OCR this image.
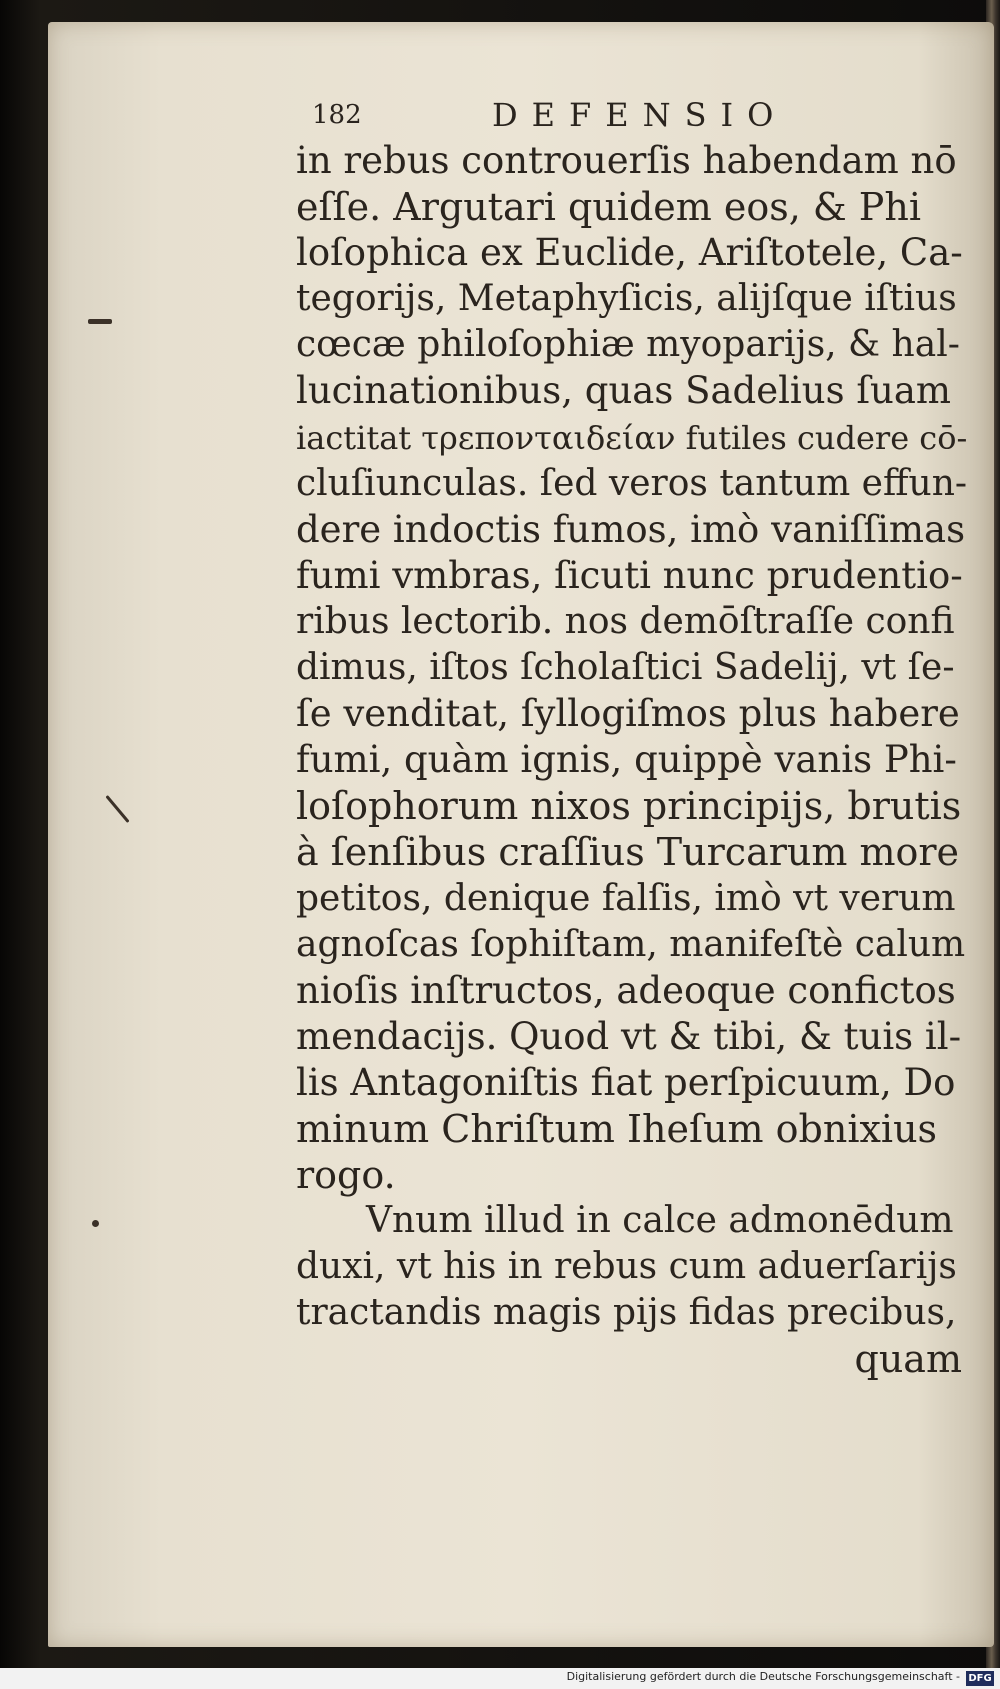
182	DEFENSIO
in rebus controuerſis habendam nō
eſſe. Argutari quidem eos, & Phi
loſophica ex Euclide, Ariſtotele, Ca-
tegorijs, Metaphyſicis, alijſque iſtius
cœcæ philoſophiæ myoparijs, & hal-
lucinationibus, quas Sadelius ſuam
iactitat τρεπονταιδείαν futiles cudere cō-
cluſiunculas. ſed veros tantum effun-
dere indoctis fumos, imò vaniſſimas
fumi vmbras, ſicuti nunc prudentio-
ribus lectorib. nos demōſtraſſe confi
dimus, iſtos ſcholaſtici Sadelij, vt ſe-
ſe venditat, ſyllogiſmos plus habere
fumi, quàm ignis, quippè vanis Phi-
loſophorum nixos principijs, brutis
à ſenſibus craſſius Turcarum more
petitos, denique falſis, imò vt verum
agnoſcas ſophiſtam, manifeſtè calum
nioſis inſtructos, adeoque confictos
mendacijs. Quod vt & tibi, & tuis il-
lis Antagoniſtis fiat perſpicuum, Do
minum Chriſtum Iheſum obnixius
rogo.
Vnum illud in calce admonēdum
duxi, vt his in rebus cum aduerſarijs
tractandis magis pijs fidas precibus,
quam
Digitalisierung gefördert durch die Deutsche Forschungsgemeinschaft - DFG
